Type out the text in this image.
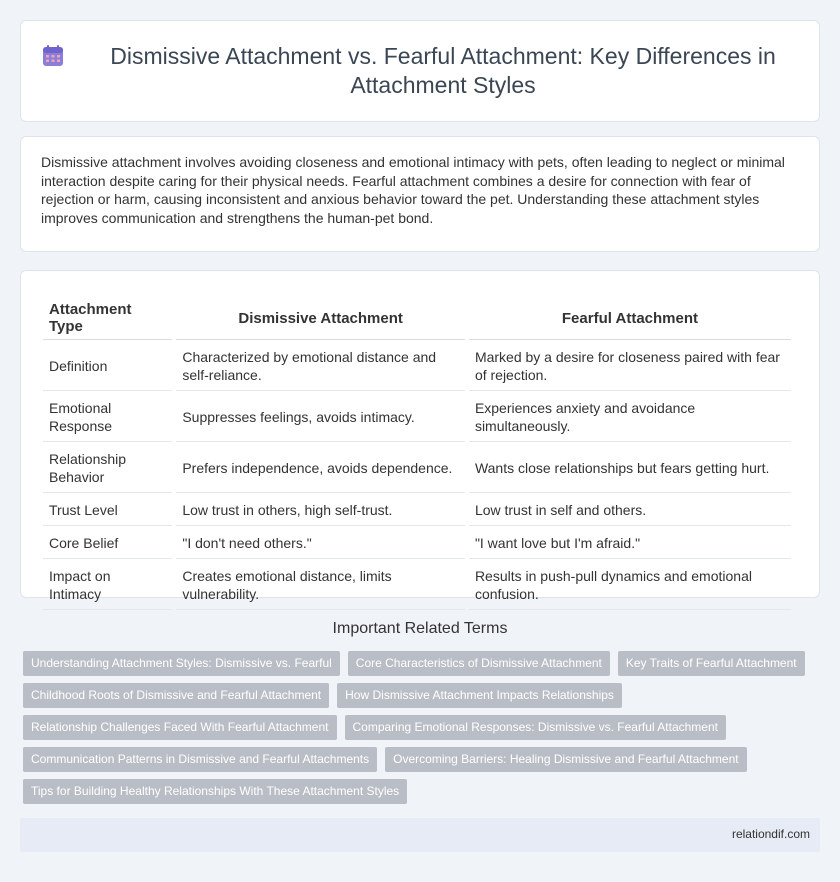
Dismissive Attachment vs. Fearful Attachment: Key Differences in Attachment Styles

Dismissive attachment involves avoiding closeness and emotional intimacy with pets, often leading to neglect or minimal interaction despite caring for their physical needs. Fearful attachment combines a desire for connection with fear of rejection or harm, causing inconsistent and anxious behavior toward the pet. Understanding these attachment styles improves communication and strengthens the human-pet bond.

Attachment Type	Dismissive Attachment	Fearful Attachment
Definition	Characterized by emotional distance and self-reliance.	Marked by a desire for closeness paired with fear of rejection.
Emotional Response	Suppresses feelings, avoids intimacy.	Experiences anxiety and avoidance simultaneously.
Relationship Behavior	Prefers independence, avoids dependence.	Wants close relationships but fears getting hurt.
Trust Level	Low trust in others, high self-trust.	Low trust in self and others.
Core Belief	"I don't need others."	"I want love but I'm afraid."
Impact on Intimacy	Creates emotional distance, limits vulnerability.	Results in push-pull dynamics and emotional confusion.
Important Related Terms
Understanding Attachment Styles: Dismissive vs. Fearful	Core Characteristics of Dismissive Attachment	Key Traits of Fearful Attachment
Childhood Roots of Dismissive and Fearful Attachment	How Dismissive Attachment Impacts Relationships
Relationship Challenges Faced With Fearful Attachment	Comparing Emotional Responses: Dismissive vs. Fearful Attachment
Communication Patterns in Dismissive and Fearful Attachments	Overcoming Barriers: Healing Dismissive and Fearful Attachment
Tips for Building Healthy Relationships With These Attachment Styles
relationdif.com
